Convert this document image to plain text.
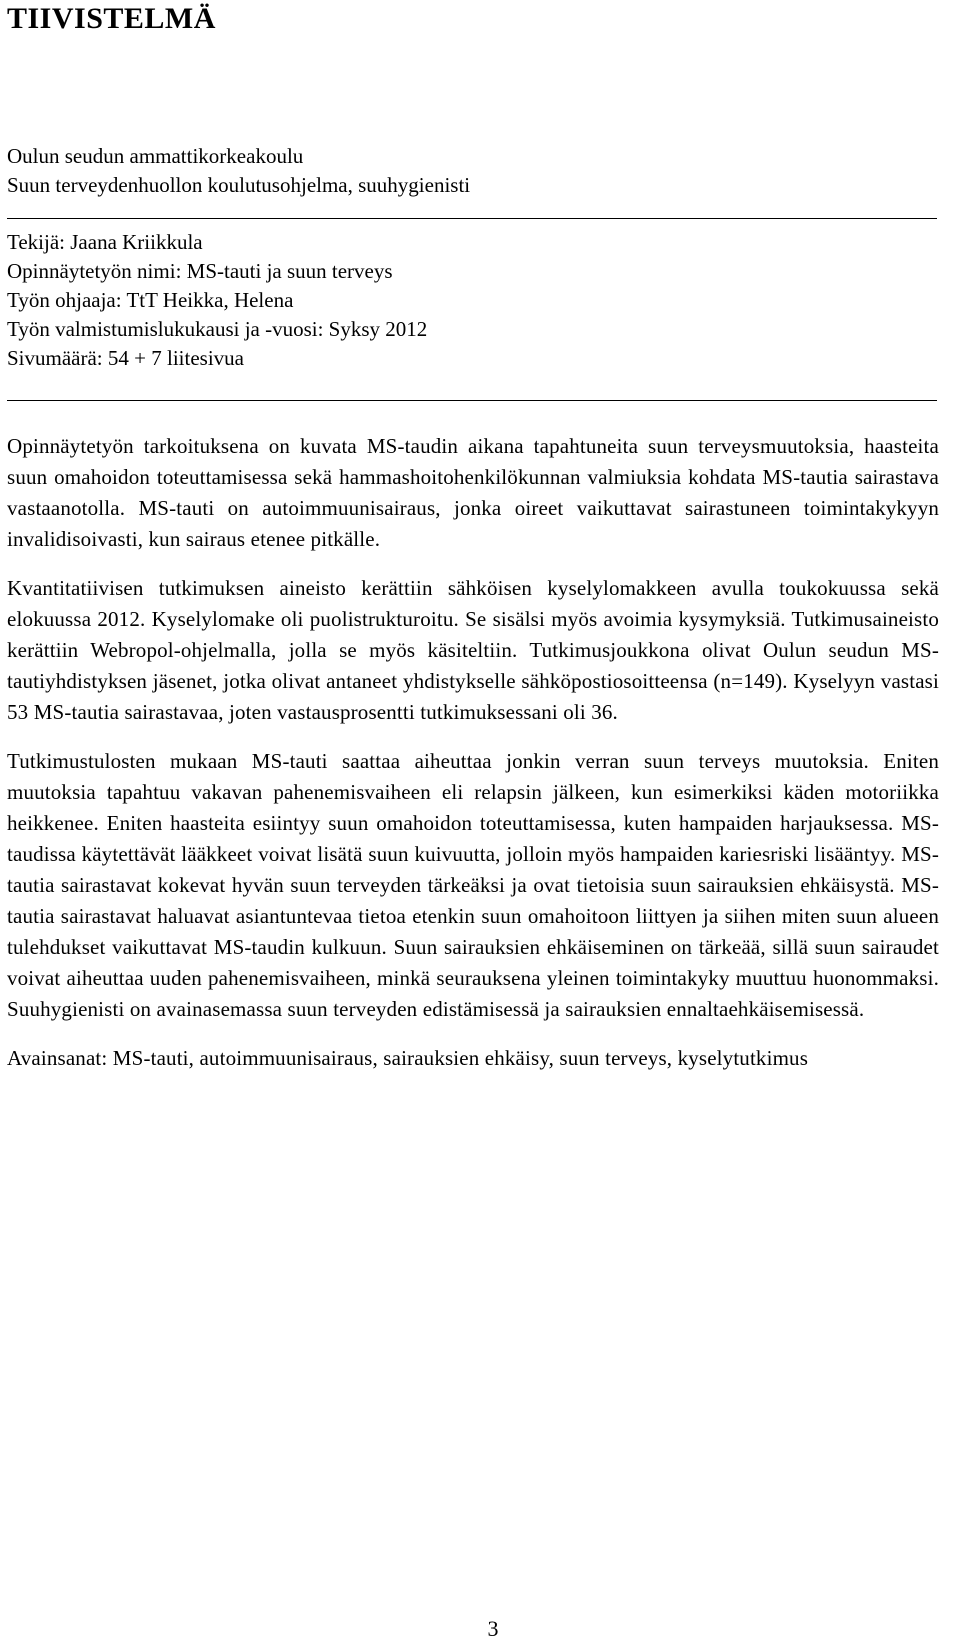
TIIVISTELMÄ
Oulun seudun ammattikorkeakoulu
Suun terveydenhuollon koulutusohjelma, suuhygienisti
Tekijä: Jaana Kriikkula
Opinnäytetyön nimi: MS-tauti ja suun terveys
Työn ohjaaja: TtT Heikka, Helena
Työn valmistumislukukausi ja -vuosi: Syksy 2012
Sivumäärä: 54 + 7 liitesivua

Opinnäytetyön tarkoituksena on kuvata MS-taudin aikana tapahtuneita suun terveysmuutoksia, haasteita suun omahoidon toteuttamisessa sekä hammashoitohenkilökunnan valmiuksia kohdata MS-tautia sairastava vastaanotolla. MS-tauti on autoimmuunisairaus, jonka oireet vaikuttavat sairastuneen toimintakykyyn invalidisoivasti, kun sairaus etenee pitkälle.

Kvantitatiivisen tutkimuksen aineisto kerättiin sähköisen kyselylomakkeen avulla toukokuussa sekä elokuussa 2012. Kyselylomake oli puolistrukturoitu. Se sisälsi myös avoimia kysymyksiä. Tutkimusaineisto kerättiin Webropol-ohjelmalla, jolla se myös käsiteltiin. Tutkimusjoukkona olivat Oulun seudun MS-tautiyhdistyksen jäsenet, jotka olivat antaneet yhdistykselle sähköpostiosoitteensa (n=149). Kyselyyn vastasi 53 MS-tautia sairastavaa, joten vastausprosentti tutkimuksessani oli 36.

Tutkimustulosten mukaan MS-tauti saattaa aiheuttaa jonkin verran suun terveys muutoksia. Eniten muutoksia tapahtuu vakavan pahenemisvaiheen eli relapsin jälkeen, kun esimerkiksi käden motoriikka heikkenee. Eniten haasteita esiintyy suun omahoidon toteuttamisessa, kuten hampaiden harjauksessa. MS-taudissa käytettävät lääkkeet voivat lisätä suun kuivuutta, jolloin myös hampaiden kariesriski lisääntyy. MS-tautia sairastavat kokevat hyvän suun terveyden tärkeäksi ja ovat tietoisia suun sairauksien ehkäisystä. MS-tautia sairastavat haluavat asiantuntevaa tietoa etenkin suun omahoitoon liittyen ja siihen miten suun alueen tulehdukset vaikuttavat MS-taudin kulkuun. Suun sairauksien ehkäiseminen on tärkeää, sillä suun sairaudet voivat aiheuttaa uuden pahenemisvaiheen, minkä seurauksena yleinen toimintakyky muuttuu huonommaksi. Suuhygienisti on avainasemassa suun terveyden edistämisessä ja sairauksien ennaltaehkäisemisessä.

Avainsanat: MS-tauti, autoimmuunisairaus, sairauksien ehkäisy, suun terveys, kyselytutkimus

3
